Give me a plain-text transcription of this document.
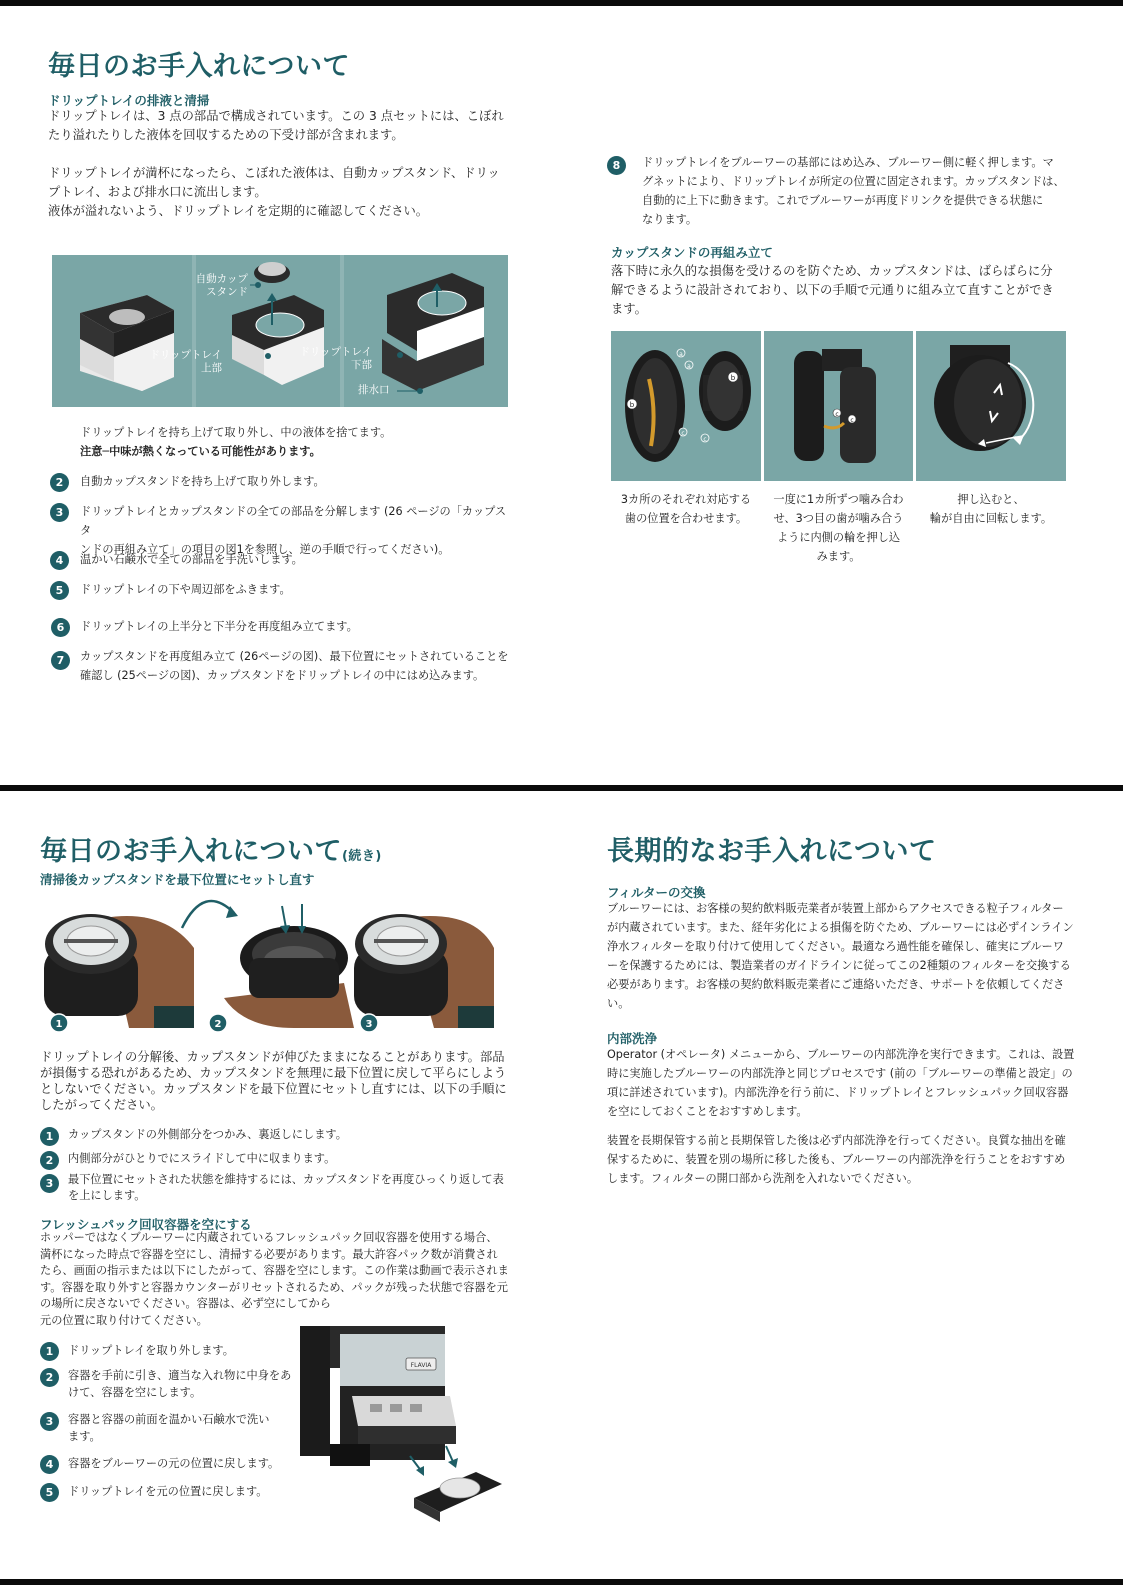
毎日のお手入れについて
ドリップトレイの排液と清掃
ドリップトレイは、3 点の部品で構成されています。この 3 点セットには、こぼれ
たり溢れたりした液体を回収するための下受け部が含まれます。
ドリップトレイが満杯になったら、こぼれた液体は、自動カップスタンド、ドリッ
プトレイ、および排水口に流出します。
液体が溢れないよう、ドリップトレイを定期的に確認してください。
自動カップ
スタンド
ドリップトレイ
上部
ドリップトレイ
下部
排水口
ドリップトレイを持ち上げて取り外し、中の液体を捨てます。
注意─中味が熱くなっている可能性があります。
2	自動カップスタンドを持ち上げて取り外します。
3	ドリップトレイとカップスタンドの全ての部品を分解します (26 ページの「カップスタ
ンドの再組み立て」の項目の図1を参照し、逆の手順で行ってください)。
4	温かい石鹸水で全ての部品を手洗いします。
5	ドリップトレイの下や周辺部をふきます。
6	ドリップトレイの上半分と下半分を再度組み立てます。
7	カップスタンドを再度組み立て (26ページの図)、最下位置にセットされていることを
確認し (25ページの図)、カップスタンドをドリップトレイの中にはめ込みます。
8	ドリップトレイをブルーワーの基部にはめ込み、ブルーワー側に軽く押します。マ
グネットにより、ドリップトレイが所定の位置に固定されます。カップスタンドは、
自動的に上下に動きます。これでブルーワーが再度ドリンクを提供できる状態に
なります。
カップスタンドの再組み立て
落下時に永久的な損傷を受けるのを防ぐため、カップスタンドは、ばらばらに分
解できるように設計されており、以下の手順で元通りに組み立て直すことができ
ます。
b
a
a
b
c
c
c
c
3カ所のそれぞれ対応する
歯の位置を合わせます。
一度に1カ所ずつ噛み合わ
せ、3つ目の歯が噛み合う
ように内側の輪を押し込
みます。
押し込むと、
輪が自由に回転します。
毎日のお手入れについて(続き)
清掃後カップスタンドを最下位置にセットし直す
1	2	3
ドリップトレイの分解後、カップスタンドが伸びたままになることがあります。部品
が損傷する恐れがあるため、カップスタンドを無理に最下位置に戻して平らにしよう
としないでください。カップスタンドを最下位置にセットし直すには、以下の手順に
したがってください。
1	カップスタンドの外側部分をつかみ、裏返しにします。
2	内側部分がひとりでにスライドして中に収まります。
3	最下位置にセットされた状態を維持するには、カップスタンドを再度ひっくり返して表
を上にします。
フレッシュパック回収容器を空にする
ホッパーではなくブルーワーに内蔵されているフレッシュパック回収容器を使用する場合、
満杯になった時点で容器を空にし、清掃する必要があります。最大許容パック数が消費され
たら、画面の指示または以下にしたがって、容器を空にします。この作業は動画で表示されま
す。容器を取り外すと容器カウンターがリセットされるため、パックが残った状態で容器を元
の場所に戻さないでください。容器は、必ず空にしてから
元の位置に取り付けてください。
1	ドリップトレイを取り外します。
2	容器を手前に引き、適当な入れ物に中身をあ
けて、容器を空にします。
3	容器と容器の前面を温かい石鹸水で洗い
ます。
4	容器をブルーワーの元の位置に戻します。
5	ドリップトレイを元の位置に戻します。
FLAVIA
長期的なお手入れについて
フィルターの交換
ブルーワーには、お客様の契約飲料販売業者が装置上部からアクセスできる粒子フィルター
が内蔵されています。また、経年劣化による損傷を防ぐため、ブルーワーには必ずインライン
浄水フィルターを取り付けて使用してください。最適なろ過性能を確保し、確実にブルーワ
ーを保護するためには、製造業者のガイドラインに従ってこの2種類のフィルターを交換する
必要があります。お客様の契約飲料販売業者にご連絡いただき、サポートを依頼してくださ
い。
内部洗浄
Operator (オペレータ) メニューから、ブルーワーの内部洗浄を実行できます。これは、設置
時に実施したブルーワーの内部洗浄と同じプロセスです (前の「ブルーワーの準備と設定」の
項に詳述されています)。内部洗浄を行う前に、ドリップトレイとフレッシュパック回収容器
を空にしておくことをおすすめします。
装置を長期保管する前と長期保管した後は必ず内部洗浄を行ってください。良質な抽出を確
保するために、装置を別の場所に移した後も、ブルーワーの内部洗浄を行うことをおすすめ
します。フィルターの開口部から洗剤を入れないでください。
